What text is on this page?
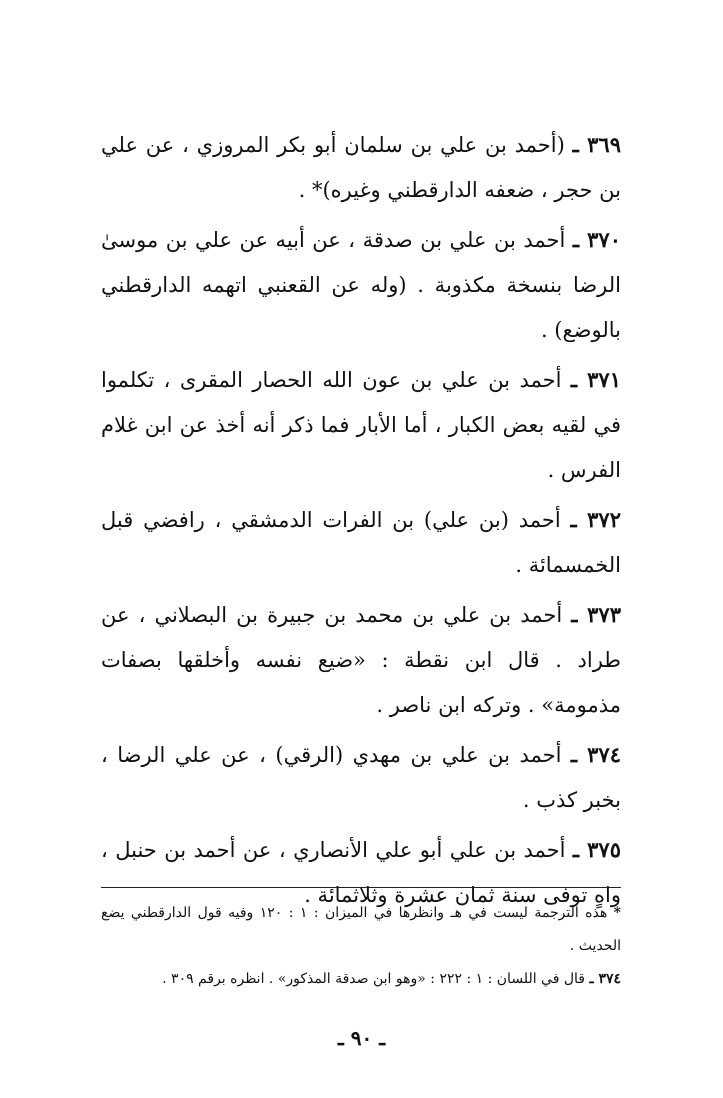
٣٦٩ ـ (أحمد بن علي بن سلمان أبو بكر المروزي ، عن علي بن حجر ، ضعفه الدارقطني وغيره)* .

٣٧٠ ـ أحمد بن علي بن صدقة ، عن أبيه عن علي بن موسىٰ الرضا بنسخة مكذوبة . (وله عن القعنبي اتهمه الدارقطني بالوضع) .

٣٧١ ـ أحمد بن علي بن عون الله الحصار المقرى ، تكلموا في لقيه بعض الكبار ، أما الأبار فما ذكر أنه أخذ عن ابن غلام الفرس .

٣٧٢ ـ أحمد (بن علي) بن الفرات الدمشقي ، رافضي قبل الخمسمائة .

٣٧٣ ـ أحمد بن علي بن محمد بن جبيرة بن البصلاني ، عن طراد . قال ابن نقطة : «ضيع نفسه وأخلقها بصفات مذمومة» . وتركه ابن ناصر .

٣٧٤ ـ أحمد بن علي بن مهدي (الرقي) ، عن علي الرضا ، بخبر كذب .

٣٧٥ ـ أحمد بن علي أبو علي الأنصاري ، عن أحمد بن حنبل ، واهٍ توفى سنة ثمان عشرة وثلاثمائة .

* هذه الترجمة ليست في هـ وانظرها في الميزان : ١ : ١٢٠ وفيه قول الدارقطني يضع الحديث .

٣٧٤ ـ قال في اللسان : ١ : ٢٢٢ : «وهو ابن صدقة المذكور» . انظره برقم ٣٠٩ .

ـ ٩٠ ـ
